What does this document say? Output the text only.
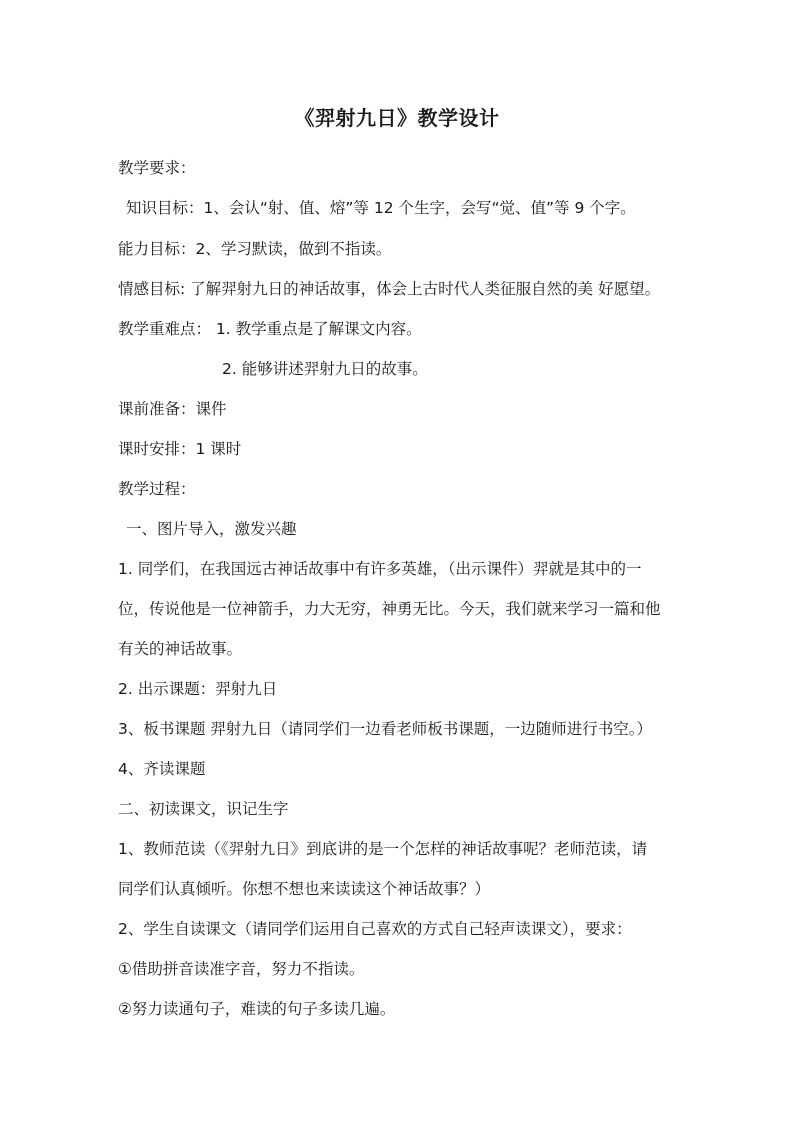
《羿射九日》教学设计
教学要求：
知识目标：1、会认“射、值、熔”等 12 个生字，会写“觉、值”等 9 个字。
能力目标：2、学习默读，做到不指读。
情感目标: 了解羿射九日的神话故事，体会上古时代人类征服自然的美 好愿望。
教学重难点： 1. 教学重点是了解课文内容。
2. 能够讲述羿射九日的故事。
课前准备：课件
课时安排：1 课时
教学过程：
一、图片导入，激发兴趣
1. 同学们，在我国远古神话故事中有许多英雄，（出示课件）羿就是其中的一
位，传说他是一位神箭手，力大无穷，神勇无比。今天，我们就来学习一篇和他
有关的神话故事。
2. 出示课题：羿射九日
3、板书课题 羿射九日（请同学们一边看老师板书课题，一边随师进行书空。）
4、齐读课题
二、初读课文，识记生字
1、教师范读（《羿射九日》到底讲的是一个怎样的神话故事呢？老师范读，请
同学们认真倾听。你想不想也来读读这个神话故事？）
2、学生自读课文（请同学们运用自己喜欢的方式自己轻声读课文），要求：
①借助拼音读准字音，努力不指读。
②努力读通句子，难读的句子多读几遍。
